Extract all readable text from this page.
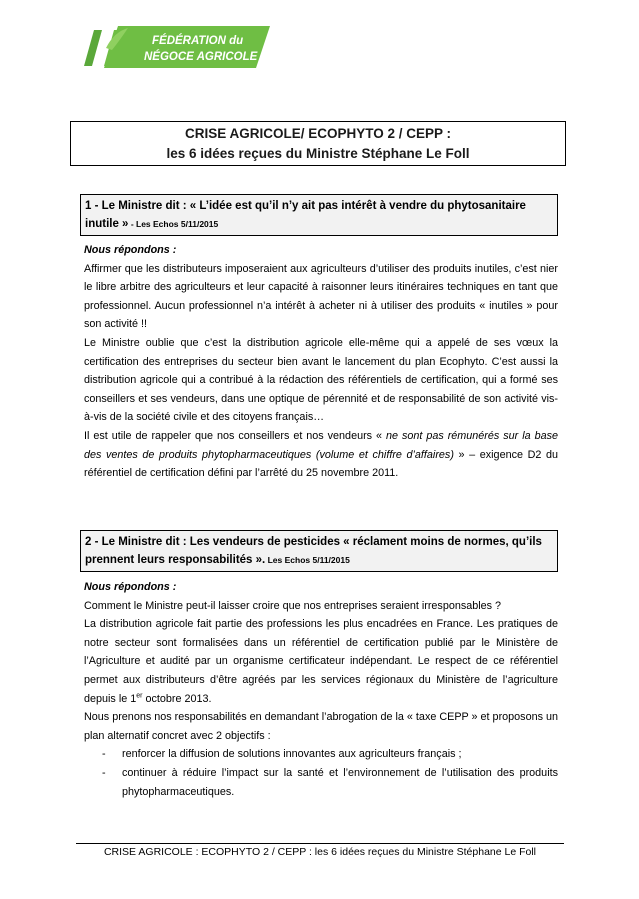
FÉDÉRATION du
NÉGOCE AGRICOLE
CRISE AGRICOLE/ ECOPHYTO 2 / CEPP :
les 6 idées reçues du Ministre Stéphane Le Foll
1 - Le Ministre dit : « L’idée est qu’il n’y ait pas intérêt à vendre du phytosanitaire inutile » - Les Echos 5/11/2015

Nous répondons :

Affirmer que les distributeurs imposeraient aux agriculteurs d’utiliser des produits inutiles, c’est nier le libre arbitre des agriculteurs et leur capacité à raisonner leurs itinéraires techniques en tant que professionnel. Aucun professionnel n’a intérêt à acheter ni à utiliser des produits « inutiles » pour son activité !!

Le Ministre oublie que c’est la distribution agricole elle-même qui a appelé de ses vœux la certification des entreprises du secteur bien avant le lancement du plan Ecophyto. C’est aussi la distribution agricole qui a contribué à la rédaction des référentiels de certification, qui a formé ses conseillers et ses vendeurs, dans une optique de pérennité et de responsabilité de son activité vis-à-vis de la société civile et des citoyens français…

Il est utile de rappeler que nos conseillers et nos vendeurs « ne sont pas rémunérés sur la base des ventes de produits phytopharmaceutiques (volume et chiffre d’affaires) » – exigence D2 du référentiel de certification défini par l’arrêté du 25 novembre 2011.

2 - Le Ministre dit : Les vendeurs de pesticides « réclament moins de normes, qu’ils prennent leurs responsabilités ». Les Echos 5/11/2015

Nous répondons :

Comment le Ministre peut-il laisser croire que nos entreprises seraient irresponsables ?

La distribution agricole fait partie des professions les plus encadrées en France. Les pratiques de notre secteur sont formalisées dans un référentiel de certification publié par le Ministère de l’Agriculture et audité par un organisme certificateur indépendant. Le respect de ce référentiel permet aux distributeurs d’être agréés par les services régionaux du Ministère de l’agriculture depuis le 1er octobre 2013.

Nous prenons nos responsabilités en demandant l’abrogation de la « taxe CEPP » et proposons un plan alternatif concret avec 2 objectifs :

-	renforcer la diffusion de solutions innovantes aux agriculteurs français ;
-	continuer à réduire l’impact sur la santé et l’environnement de l’utilisation des produits phytopharmaceutiques.
CRISE AGRICOLE : ECOPHYTO 2 / CEPP : les 6 idées reçues du Ministre Stéphane Le Foll
